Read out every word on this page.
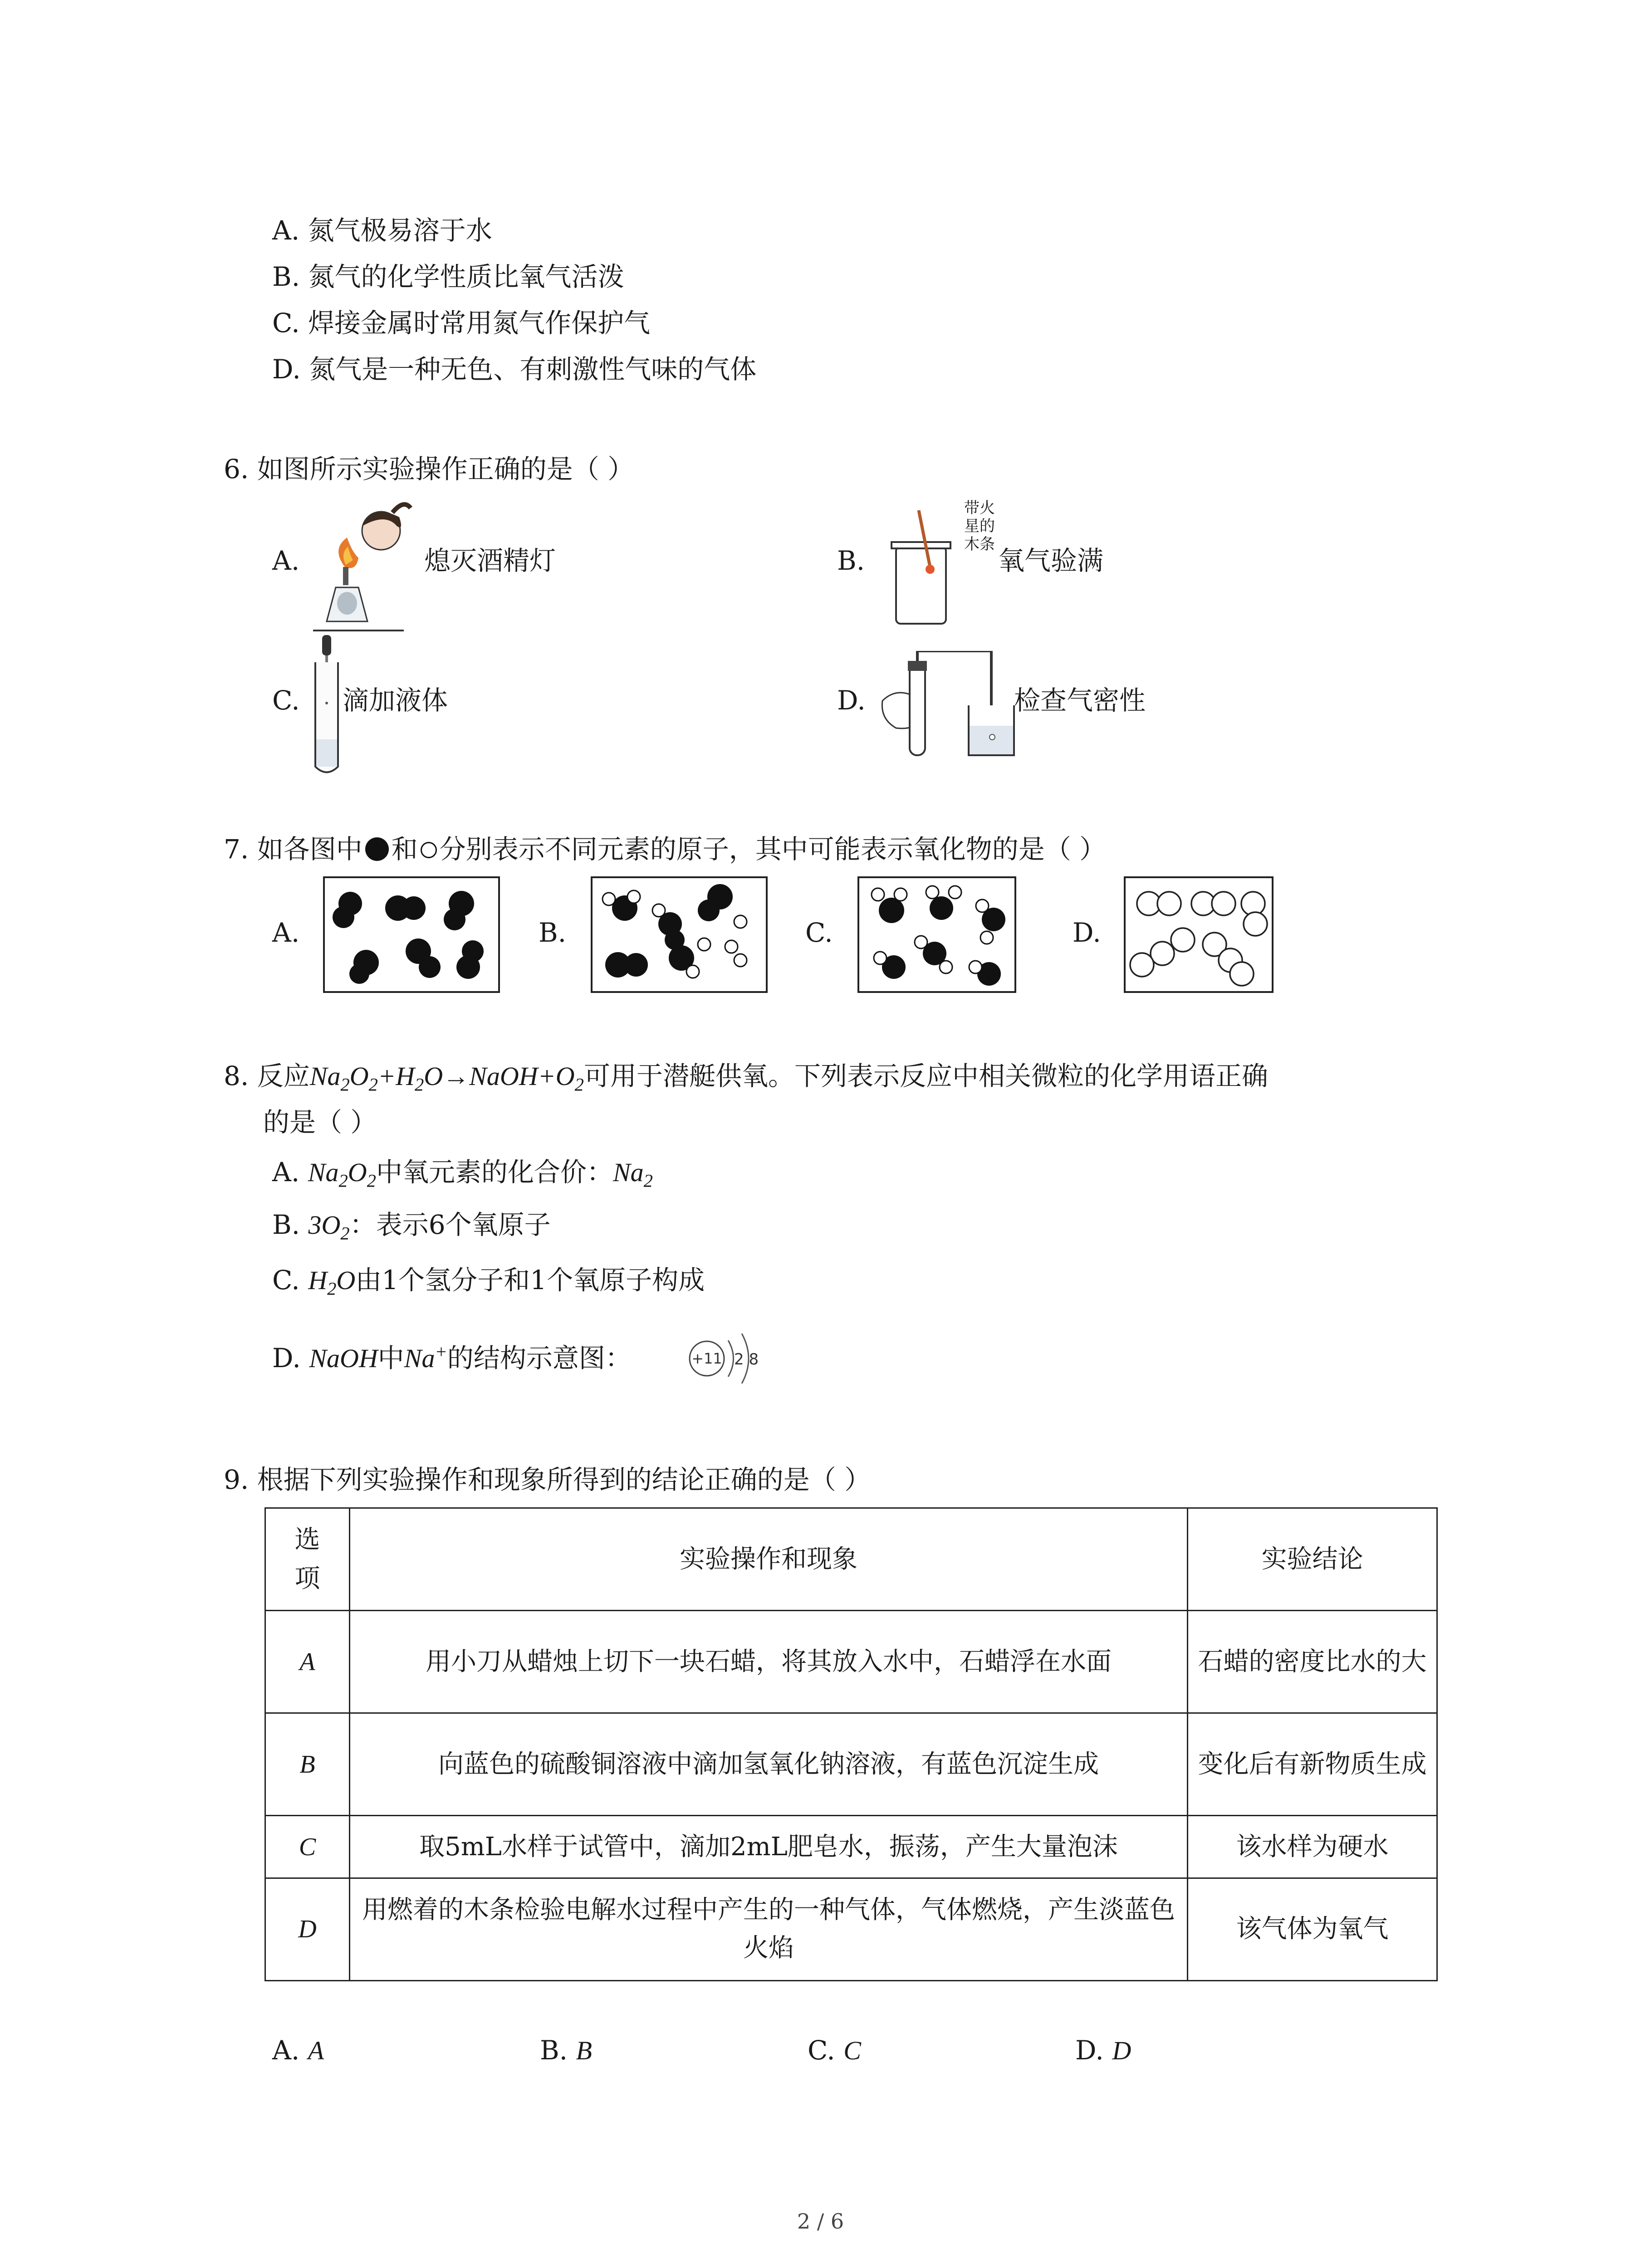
A. 氮气极易溶于水
B. 氮气的化学性质比氧气活泼
C. 焊接金属时常用氮气作保护气
D. 氮气是一种无色、有刺激性气味的气体
6. 如图所示实验操作正确的是（ ）
A.	熄灭酒精灯	B.
带火
星的
木条
氧气验满
C. 滴加液体	D.	检查气密性
7. 如各图中 和 分别表示不同元素的原子，其中可能表示氧化物的是（ ）
A.	B.	C.	D.
8. 反应$Na_2O_2+H_2O\to NaOH+O_2$可用于潜艇供氧。下列表示反应中相关微粒的化学用语正确
的是（ ）
A. $Na_2O_2$中氧元素的化合价：$Na_2$
B. $3O_2$：表示6个氧原子
C. $H_2O$由1个氢分子和1个氧原子构成
D. NaOH中Na+的结构示意图：	+11 2 8
9. 根据下列实验操作和现象所得到的结论正确的是（ ）
选项	实验操作和现象	实验结论
A	用小刀从蜡烛上切下一块石蜡，将其放入水中，石蜡浮在水面	石蜡的密度比水的大
B	向蓝色的硫酸铜溶液中滴加氢氧化钠溶液，有蓝色沉淀生成	变化后有新物质生成
C	取5mL水样于试管中，滴加2mL肥皂水，振荡，产生大量泡沫	该水样为硬水
D	用燃着的木条检验电解水过程中产生的一种气体，气体燃烧，产生淡蓝色火焰	该气体为氧气
A. A	B. B	C. C	D. D
2 / 6
